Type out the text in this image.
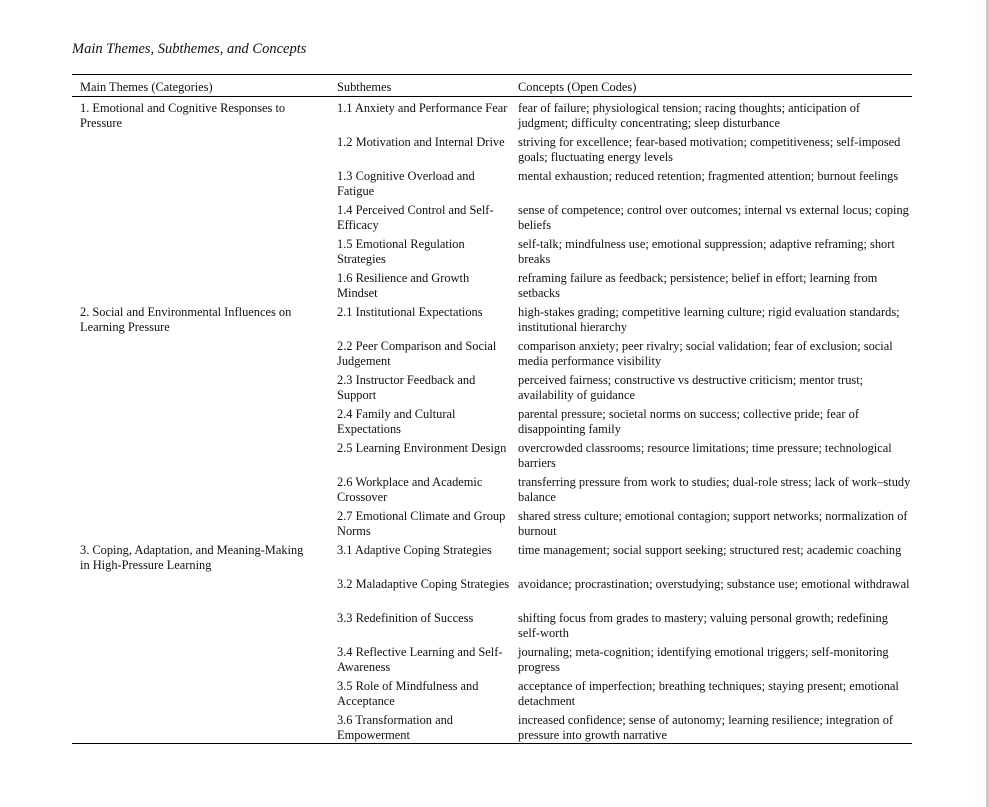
Main Themes, Subthemes, and Concepts
Main Themes (Categories)	Subthemes	Concepts (Open Codes)
1. Emotional and Cognitive Responses to Pressure	1.1 Anxiety and Performance Fear	fear of failure; physiological tension; racing thoughts; anticipation of judgment; difficulty concentrating; sleep disturbance
	1.2 Motivation and Internal Drive	striving for excellence; fear-based motivation; competitiveness; self-imposed goals; fluctuating energy levels
	1.3 Cognitive Overload and Fatigue	mental exhaustion; reduced retention; fragmented attention; burnout feelings
	1.4 Perceived Control and Self-Efficacy	sense of competence; control over outcomes; internal vs external locus; coping beliefs
	1.5 Emotional Regulation Strategies	self-talk; mindfulness use; emotional suppression; adaptive reframing; short breaks
	1.6 Resilience and Growth Mindset	reframing failure as feedback; persistence; belief in effort; learning from setbacks
2. Social and Environmental Influences on Learning Pressure	2.1 Institutional Expectations	high-stakes grading; competitive learning culture; rigid evaluation standards; institutional hierarchy
	2.2 Peer Comparison and Social Judgement	comparison anxiety; peer rivalry; social validation; fear of exclusion; social media performance visibility
	2.3 Instructor Feedback and Support	perceived fairness; constructive vs destructive criticism; mentor trust; availability of guidance
	2.4 Family and Cultural Expectations	parental pressure; societal norms on success; collective pride; fear of disappointing family
	2.5 Learning Environment Design	overcrowded classrooms; resource limitations; time pressure; technological barriers
	2.6 Workplace and Academic Crossover	transferring pressure from work to studies; dual-role stress; lack of work–study balance
	2.7 Emotional Climate and Group Norms	shared stress culture; emotional contagion; support networks; normalization of burnout
3. Coping, Adaptation, and Meaning-Making in High-Pressure Learning	3.1 Adaptive Coping Strategies	time management; social support seeking; structured rest; academic coaching
	3.2 Maladaptive Coping Strategies	avoidance; procrastination; overstudying; substance use; emotional withdrawal
	3.3 Redefinition of Success	shifting focus from grades to mastery; valuing personal growth; redefining self-worth
	3.4 Reflective Learning and Self-Awareness	journaling; meta-cognition; identifying emotional triggers; self-monitoring progress
	3.5 Role of Mindfulness and Acceptance	acceptance of imperfection; breathing techniques; staying present; emotional detachment
	3.6 Transformation and Empowerment	increased confidence; sense of autonomy; learning resilience; integration of pressure into growth narrative
